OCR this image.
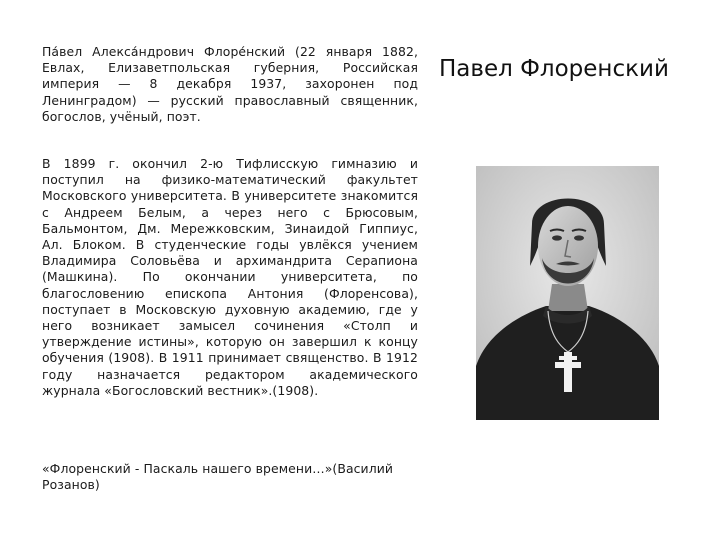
Па́вел Алекса́ндрович Флоре́нский (22 января 1882, Евлах, Елизаветпольская губерния, Российская империя — 8 декабря 1937, захоронен под Ленинградом) — русский православный священник, богослов, учёный, поэт.

В 1899 г. окончил 2-ю Тифлисскую гимназию и поступил на физико-математический факультет Московского университета. В университете знакомится с Андреем Белым, а через него с Брюсовым, Бальмонтом, Дм. Мережковским, Зинаидой Гиппиус, Ал. Блоком. В студенческие годы увлёкся учением Владимира Соловьёва и архимандрита Серапиона (Машкина). По окончании университета, по благословению епископа Антония (Флоренсова), поступает в Московскую духовную академию, где у него возникает замысел сочинения «Столп и утверждение истины», которую он завершил к концу обучения (1908). В 1911 принимает священство. В 1912 году назначается редактором академического журнала «Богословский вестник».(1908).

«Флоренский - Паскаль нашего времени…»(Василий Розанов)

Павел Флоренский
